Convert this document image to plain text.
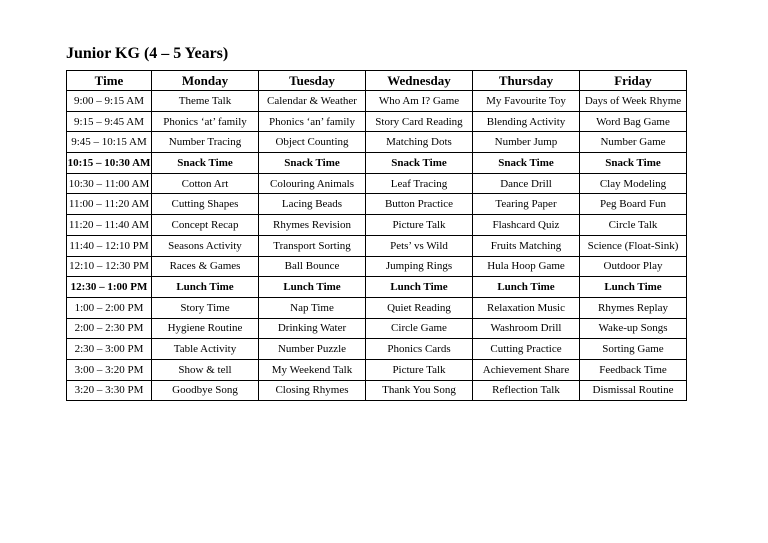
Junior KG (4 – 5 Years)
Time	Monday	Tuesday	Wednesday	Thursday	Friday
9:00 – 9:15 AM	Theme Talk	Calendar & Weather	Who Am I? Game	My Favourite Toy	Days of Week Rhyme
9:15 – 9:45 AM	Phonics ‘at’ family	Phonics ‘an’ family	Story Card Reading	Blending Activity	Word Bag Game
9:45 – 10:15 AM	Number Tracing	Object Counting	Matching Dots	Number Jump	Number Game
10:15 – 10:30 AM	Snack Time	Snack Time	Snack Time	Snack Time	Snack Time
10:30 – 11:00 AM	Cotton Art	Colouring Animals	Leaf Tracing	Dance Drill	Clay Modeling
11:00 – 11:20 AM	Cutting Shapes	Lacing Beads	Button Practice	Tearing Paper	Peg Board Fun
11:20 – 11:40 AM	Concept Recap	Rhymes Revision	Picture Talk	Flashcard Quiz	Circle Talk
11:40 – 12:10 PM	Seasons Activity	Transport Sorting	Pets’ vs Wild	Fruits Matching	Science (Float-Sink)
12:10 – 12:30 PM	Races & Games	Ball Bounce	Jumping Rings	Hula Hoop Game	Outdoor Play
12:30 – 1:00 PM	Lunch Time	Lunch Time	Lunch Time	Lunch Time	Lunch Time
1:00 – 2:00 PM	Story Time	Nap Time	Quiet Reading	Relaxation Music	Rhymes Replay
2:00 – 2:30 PM	Hygiene Routine	Drinking Water	Circle Game	Washroom Drill	Wake-up Songs
2:30 – 3:00 PM	Table Activity	Number Puzzle	Phonics Cards	Cutting Practice	Sorting Game
3:00 – 3:20 PM	Show & tell	My Weekend Talk	Picture Talk	Achievement Share	Feedback Time
3:20 – 3:30 PM	Goodbye Song	Closing Rhymes	Thank You Song	Reflection Talk	Dismissal Routine
